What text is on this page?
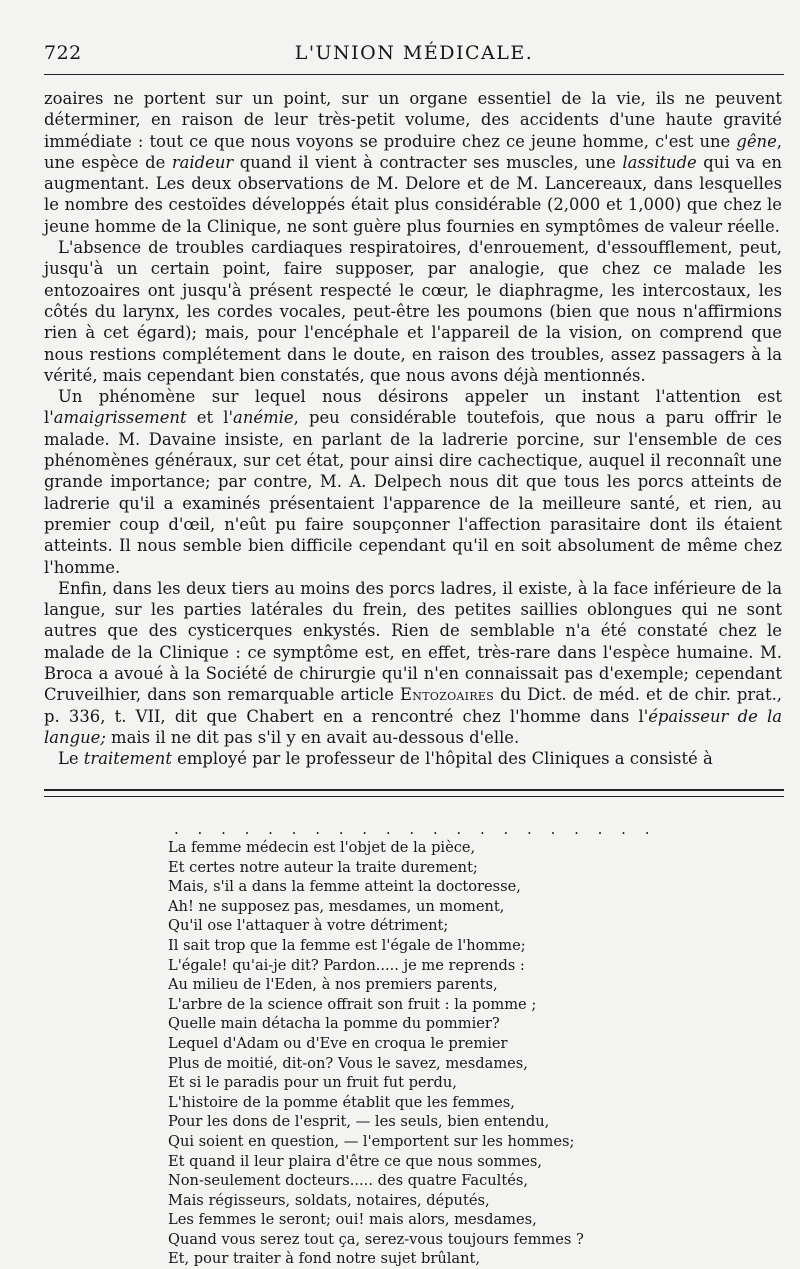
722	L'UNION MÉDICALE.

zoaires ne portent sur un point, sur un organe essentiel de la vie, ils ne peuvent déterminer, en raison de leur très-petit volume, des accidents d'une haute gravité immédiate : tout ce que nous voyons se produire chez ce jeune homme, c'est une gêne, une espèce de raideur quand il vient à contracter ses muscles, une lassitude qui va en augmentant. Les deux observations de M. Delore et de M. Lancereaux, dans lesquelles le nombre des cestoïdes développés était plus considérable (2,000 et 1,000) que chez le jeune homme de la Clinique, ne sont guère plus fournies en symptômes de valeur réelle.

L'absence de troubles cardiaques respiratoires, d'enrouement, d'essoufflement, peut, jusqu'à un certain point, faire supposer, par analogie, que chez ce malade les entozoaires ont jusqu'à présent respecté le cœur, le diaphragme, les intercostaux, les côtés du larynx, les cordes vocales, peut-être les poumons (bien que nous n'affirmions rien à cet égard); mais, pour l'encéphale et l'appareil de la vision, on comprend que nous restions complétement dans le doute, en raison des troubles, assez passagers à la vérité, mais cependant bien constatés, que nous avons déjà mentionnés.

Un phénomène sur lequel nous désirons appeler un instant l'attention est l'amaigrissement et l'anémie, peu considérable toutefois, que nous a paru offrir le malade. M. Davaine insiste, en parlant de la ladrerie porcine, sur l'ensemble de ces phénomènes généraux, sur cet état, pour ainsi dire cachectique, auquel il reconnaît une grande importance; par contre, M. A. Delpech nous dit que tous les porcs atteints de ladrerie qu'il a examinés présentaient l'apparence de la meilleure santé, et rien, au premier coup d'œil, n'eût pu faire soupçonner l'affection parasitaire dont ils étaient atteints. Il nous semble bien difficile cependant qu'il en soit absolument de même chez l'homme.

Enfin, dans les deux tiers au moins des porcs ladres, il existe, à la face inférieure de la langue, sur les parties latérales du frein, des petites saillies oblongues qui ne sont autres que des cysticerques enkystés. Rien de semblable n'a été constaté chez le malade de la Clinique : ce symptôme est, en effet, très-rare dans l'espèce humaine. M. Broca a avoué à la Société de chirurgie qu'il n'en connaissait pas d'exemple; cependant Cruveilhier, dans son remarquable article Entozoaires du Dict. de méd. et de chir. prat., p. 336, t. VII, dit que Chabert en a rencontré chez l'homme dans l'épaisseur de la langue; mais il ne dit pas s'il y en avait au-dessous d'elle.

Le traitement employé par le professeur de l'hôpital des Cliniques a consisté à

. . . . . . . . . . . . . . . . . . . . .
La femme médecin est l'objet de la pièce,
Et certes notre auteur la traite durement;
Mais, s'il a dans la femme atteint la doctoresse,
Ah! ne supposez pas, mesdames, un moment,
Qu'il ose l'attaquer à votre détriment;
Il sait trop que la femme est l'égale de l'homme;
L'égale! qu'ai-je dit? Pardon..... je me reprends :
Au milieu de l'Eden, à nos premiers parents,
L'arbre de la science offrait son fruit : la pomme ;
Quelle main détacha la pomme du pommier?
Lequel d'Adam ou d'Eve en croqua le premier
Plus de moitié, dit-on? Vous le savez, mesdames,
Et si le paradis pour un fruit fut perdu,
L'histoire de la pomme établit que les femmes,
Pour les dons de l'esprit, — les seuls, bien entendu,
Qui soient en question, — l'emportent sur les hommes;
Et quand il leur plaira d'être ce que nous sommes,
Non-seulement docteurs..... des quatre Facultés,
Mais régisseurs, soldats, notaires, députés,
Les femmes le seront; oui! mais alors, mesdames,
Quand vous serez tout ça, serez-vous toujours femmes ?
Et, pour traiter à fond notre sujet brûlant,
